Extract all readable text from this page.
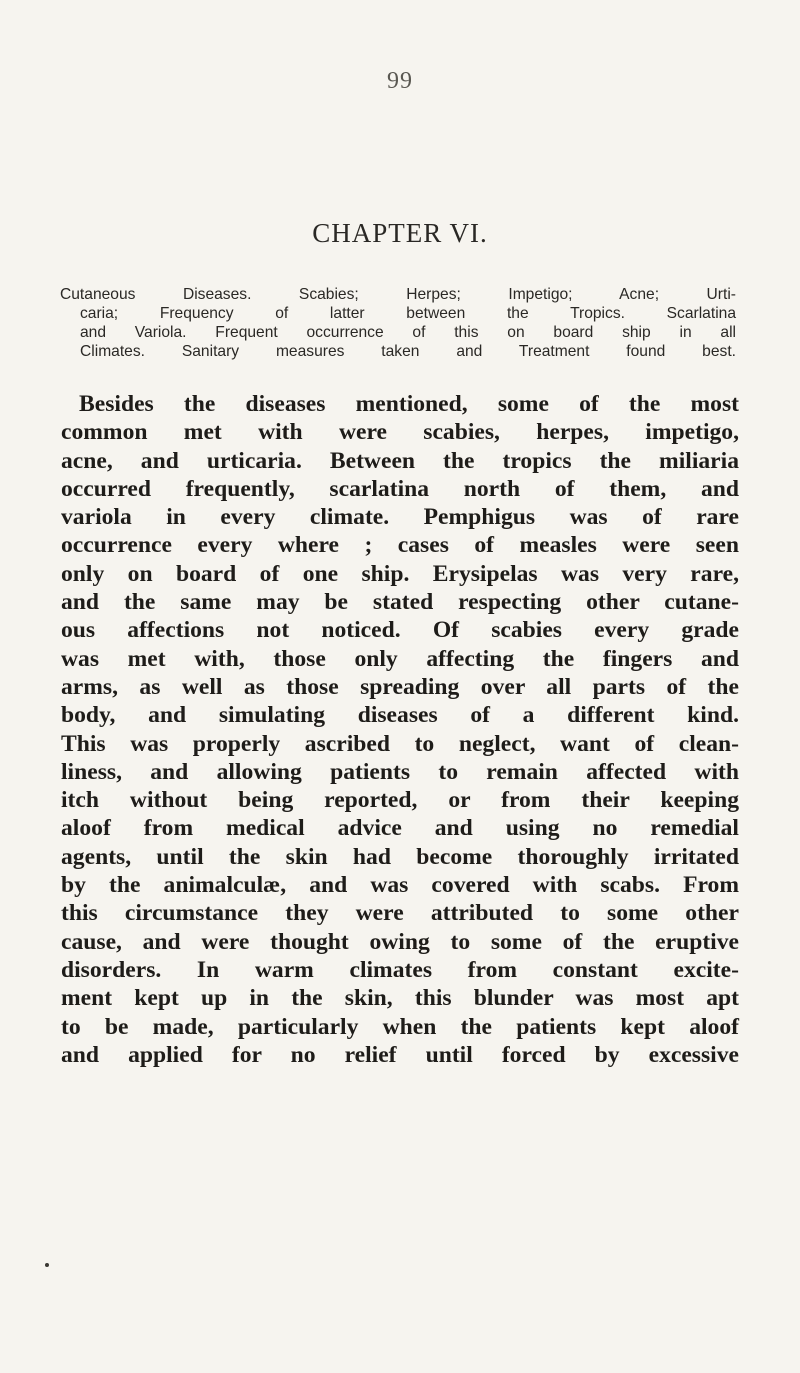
99
CHAPTER VI.
Cutaneous Diseases. Scabies; Herpes; Impetigo; Acne; Urti-
caria; Frequency of latter between the Tropics. Scarlatina
and Variola. Frequent occurrence of this on board ship in all
Climates. Sanitary measures taken and Treatment found best.
Besides the diseases mentioned, some of the most
common met with were scabies, herpes, impetigo,
acne, and urticaria. Between the tropics the miliaria
occurred frequently, scarlatina north of them, and
variola in every climate. Pemphigus was of rare
occurrence every where ; cases of measles were seen
only on board of one ship. Erysipelas was very rare,
and the same may be stated respecting other cutane-
ous affections not noticed. Of scabies every grade
was met with, those only affecting the fingers and
arms, as well as those spreading over all parts of the
body, and simulating diseases of a different kind.
This was properly ascribed to neglect, want of clean-
liness, and allowing patients to remain affected with
itch without being reported, or from their keeping
aloof from medical advice and using no remedial
agents, until the skin had become thoroughly irritated
by the animalculæ, and was covered with scabs. From
this circumstance they were attributed to some other
cause, and were thought owing to some of the eruptive
disorders. In warm climates from constant excite-
ment kept up in the skin, this blunder was most apt
to be made, particularly when the patients kept aloof
and applied for no relief until forced by excessive
